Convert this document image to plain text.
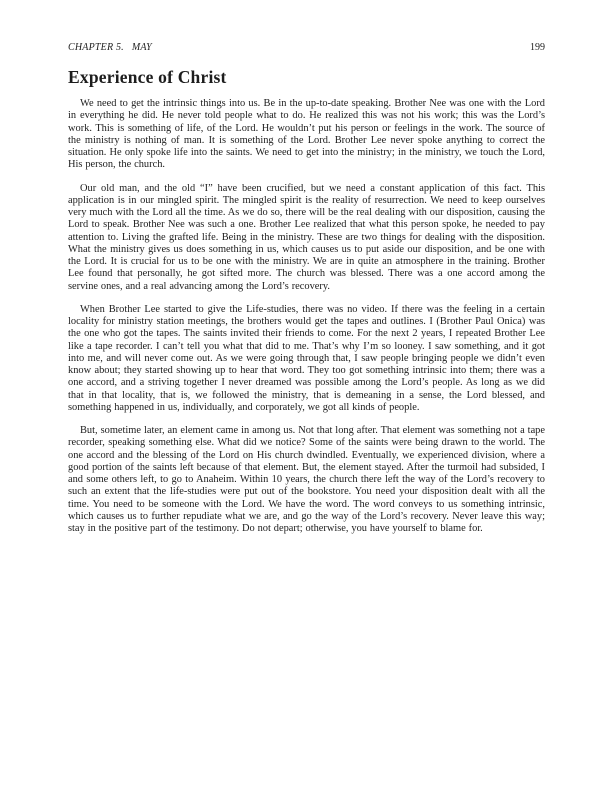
CHAPTER 5. MAY	199
Experience of Christ

We need to get the intrinsic things into us. Be in the up-to-date speaking. Brother Nee was one with the Lord in everything he did. He never told people what to do. He realized this was not his work; this was the Lord’s work. This is something of life, of the Lord. He wouldn’t put his person or feelings in the work. The source of the ministry is nothing of man. It is something of the Lord. Brother Lee never spoke anything to correct the situation. He only spoke life into the saints. We need to get into the ministry; in the ministry, we touch the Lord, His person, the church.

Our old man, and the old “I” have been crucified, but we need a constant application of this fact. This application is in our mingled spirit. The mingled spirit is the reality of resurrection. We need to keep ourselves very much with the Lord all the time. As we do so, there will be the real dealing with our disposition, causing the Lord to speak. Brother Nee was such a one. Brother Lee realized that what this person spoke, he needed to pay attention to. Living the grafted life. Being in the ministry. These are two things for dealing with the disposition. What the ministry gives us does something in us, which causes us to put aside our disposition, and be one with the Lord. It is crucial for us to be one with the ministry. We are in quite an atmosphere in the training. Brother Lee found that personally, he got sifted more. The church was blessed. There was a one accord among the servine ones, and a real advancing among the Lord’s recovery.

When Brother Lee started to give the Life-studies, there was no video. If there was the feeling in a certain locality for ministry station meetings, the brothers would get the tapes and outlines. I (Brother Paul Onica) was the one who got the tapes. The saints invited their friends to come. For the next 2 years, I repeated Brother Lee like a tape recorder. I can’t tell you what that did to me. That’s why I’m so looney. I saw something, and it got into me, and will never come out. As we were going through that, I saw people bringing people we didn’t even know about; they started showing up to hear that word. They too got something intrinsic into them; there was a one accord, and a striving together I never dreamed was possible among the Lord’s people. As long as we did that in that locality, that is, we followed the ministry, that is demeaning in a sense, the Lord blessed, and something happened in us, individually, and corporately, we got all kinds of people.

But, sometime later, an element came in among us. Not that long after. That element was something not a tape recorder, speaking something else. What did we notice? Some of the saints were being drawn to the world. The one accord and the blessing of the Lord on His church dwindled. Eventually, we experienced division, where a good portion of the saints left because of that element. But, the element stayed. After the turmoil had subsided, I and some others left, to go to Anaheim. Within 10 years, the church there left the way of the Lord’s recovery to such an extent that the life-studies were put out of the bookstore. You need your disposition dealt with all the time. You need to be someone with the Lord. We have the word. The word conveys to us something intrinsic, which causes us to further repudiate what we are, and go the way of the Lord’s recovery. Never leave this way; stay in the positive part of the testimony. Do not depart; otherwise, you have yourself to blame for.
